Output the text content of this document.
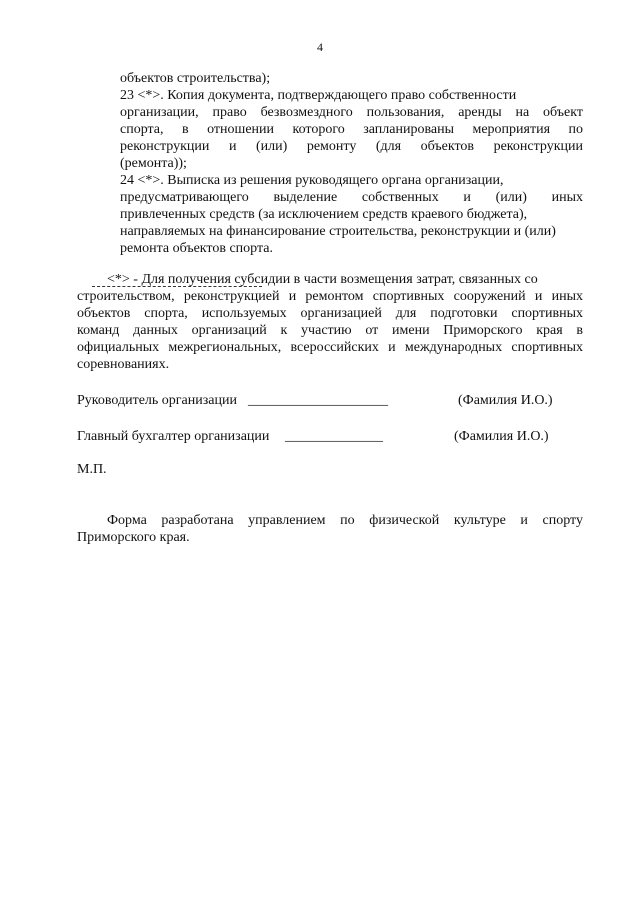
4
объектов строительства);
23 <*>. Копия документа, подтверждающего право собственности
организации, право безвозмездного пользования, аренды на объект
спорта, в отношении которого запланированы мероприятия по
реконструкции и (или) ремонту (для объектов реконструкции
(ремонта));
24 <*>. Выписка из решения руководящего органа организации,
предусматривающего выделение собственных и (или) иных
привлеченных средств (за исключением средств краевого бюджета),
направляемых на финансирование строительства, реконструкции и (или)
ремонта объектов спорта.
<*> - Для получения субсидии в части возмещения затрат, связанных со
строительством, реконструкцией и ремонтом спортивных сооружений и иных
объектов спорта, используемых организацией для подготовки спортивных
команд данных организаций к участию от имени Приморского края в
официальных межрегиональных, всероссийских и международных спортивных
соревнованиях.
Руководитель организации ____________________	(Фамилия И.О.)
Главный бухгалтер организации ______________	(Фамилия И.О.)
М.П.
Форма разработана управлением по физической культуре и спорту
Приморского края.
